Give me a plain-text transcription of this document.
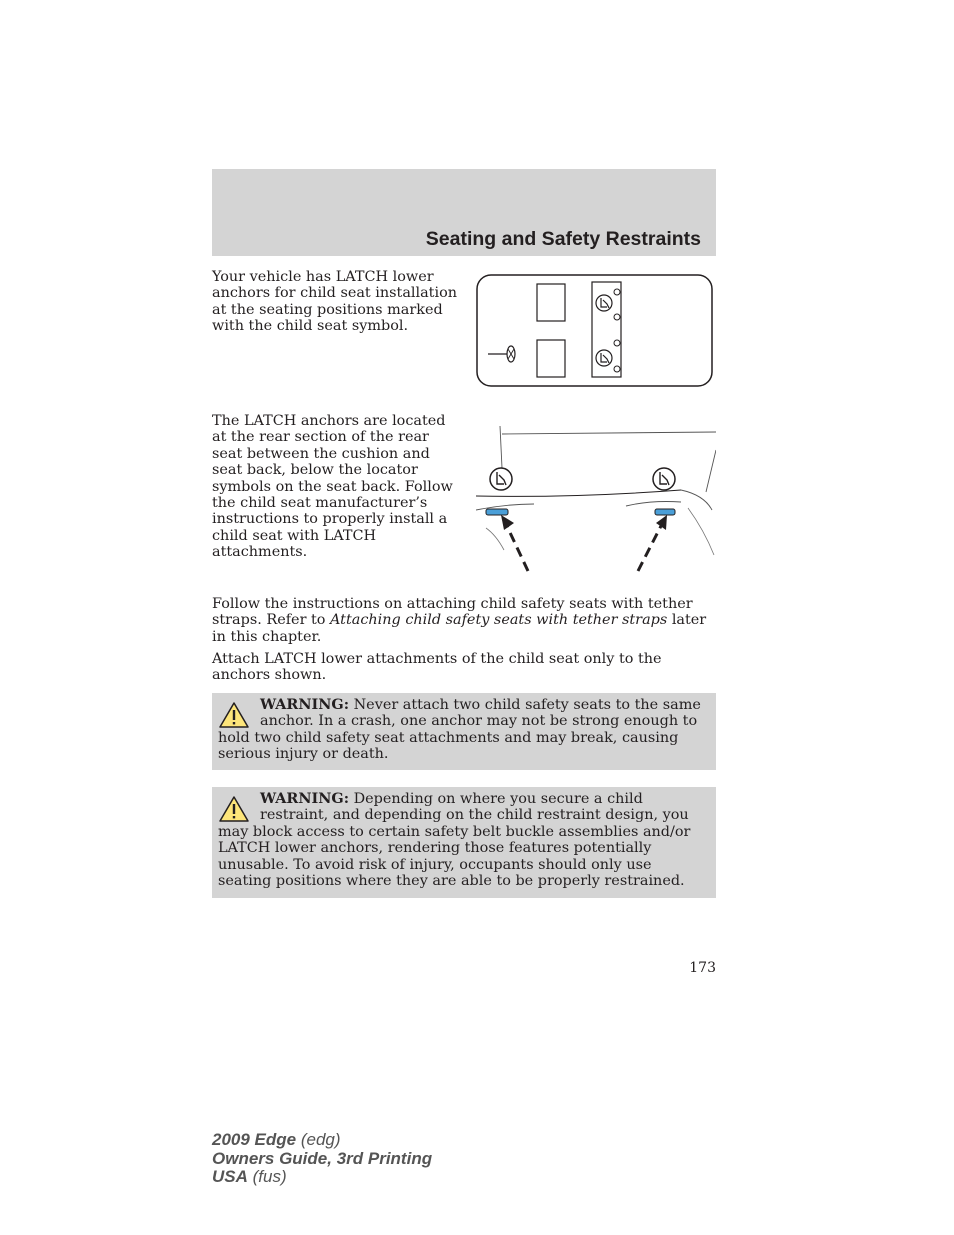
Seating and Safety Restraints

Your vehicle has LATCH lower anchors for child seat installation at the seating positions marked with the child seat symbol.

The LATCH anchors are located at the rear section of the rear seat between the cushion and seat back, below the locator symbols on the seat back. Follow the child seat manufacturer’s instructions to properly install a child seat with LATCH attachments.

Follow the instructions on attaching child safety seats with tether straps. Refer to Attaching child safety seats with tether straps later in this chapter.

Attach LATCH lower attachments of the child seat only to the anchors shown.

WARNING: Never attach two child safety seats to the same anchor. In a crash, one anchor may not be strong enough to hold two child safety seat attachments and may break, causing serious injury or death.
WARNING: Depending on where you secure a child restraint, and depending on the child restraint design, you may block access to certain safety belt buckle assemblies and/or LATCH lower anchors, rendering those features potentially unusable. To avoid risk of injury, occupants should only use seating positions where they are able to be properly restrained.
173
2009 Edge (edg)
Owners Guide, 3rd Printing
USA (fus)
